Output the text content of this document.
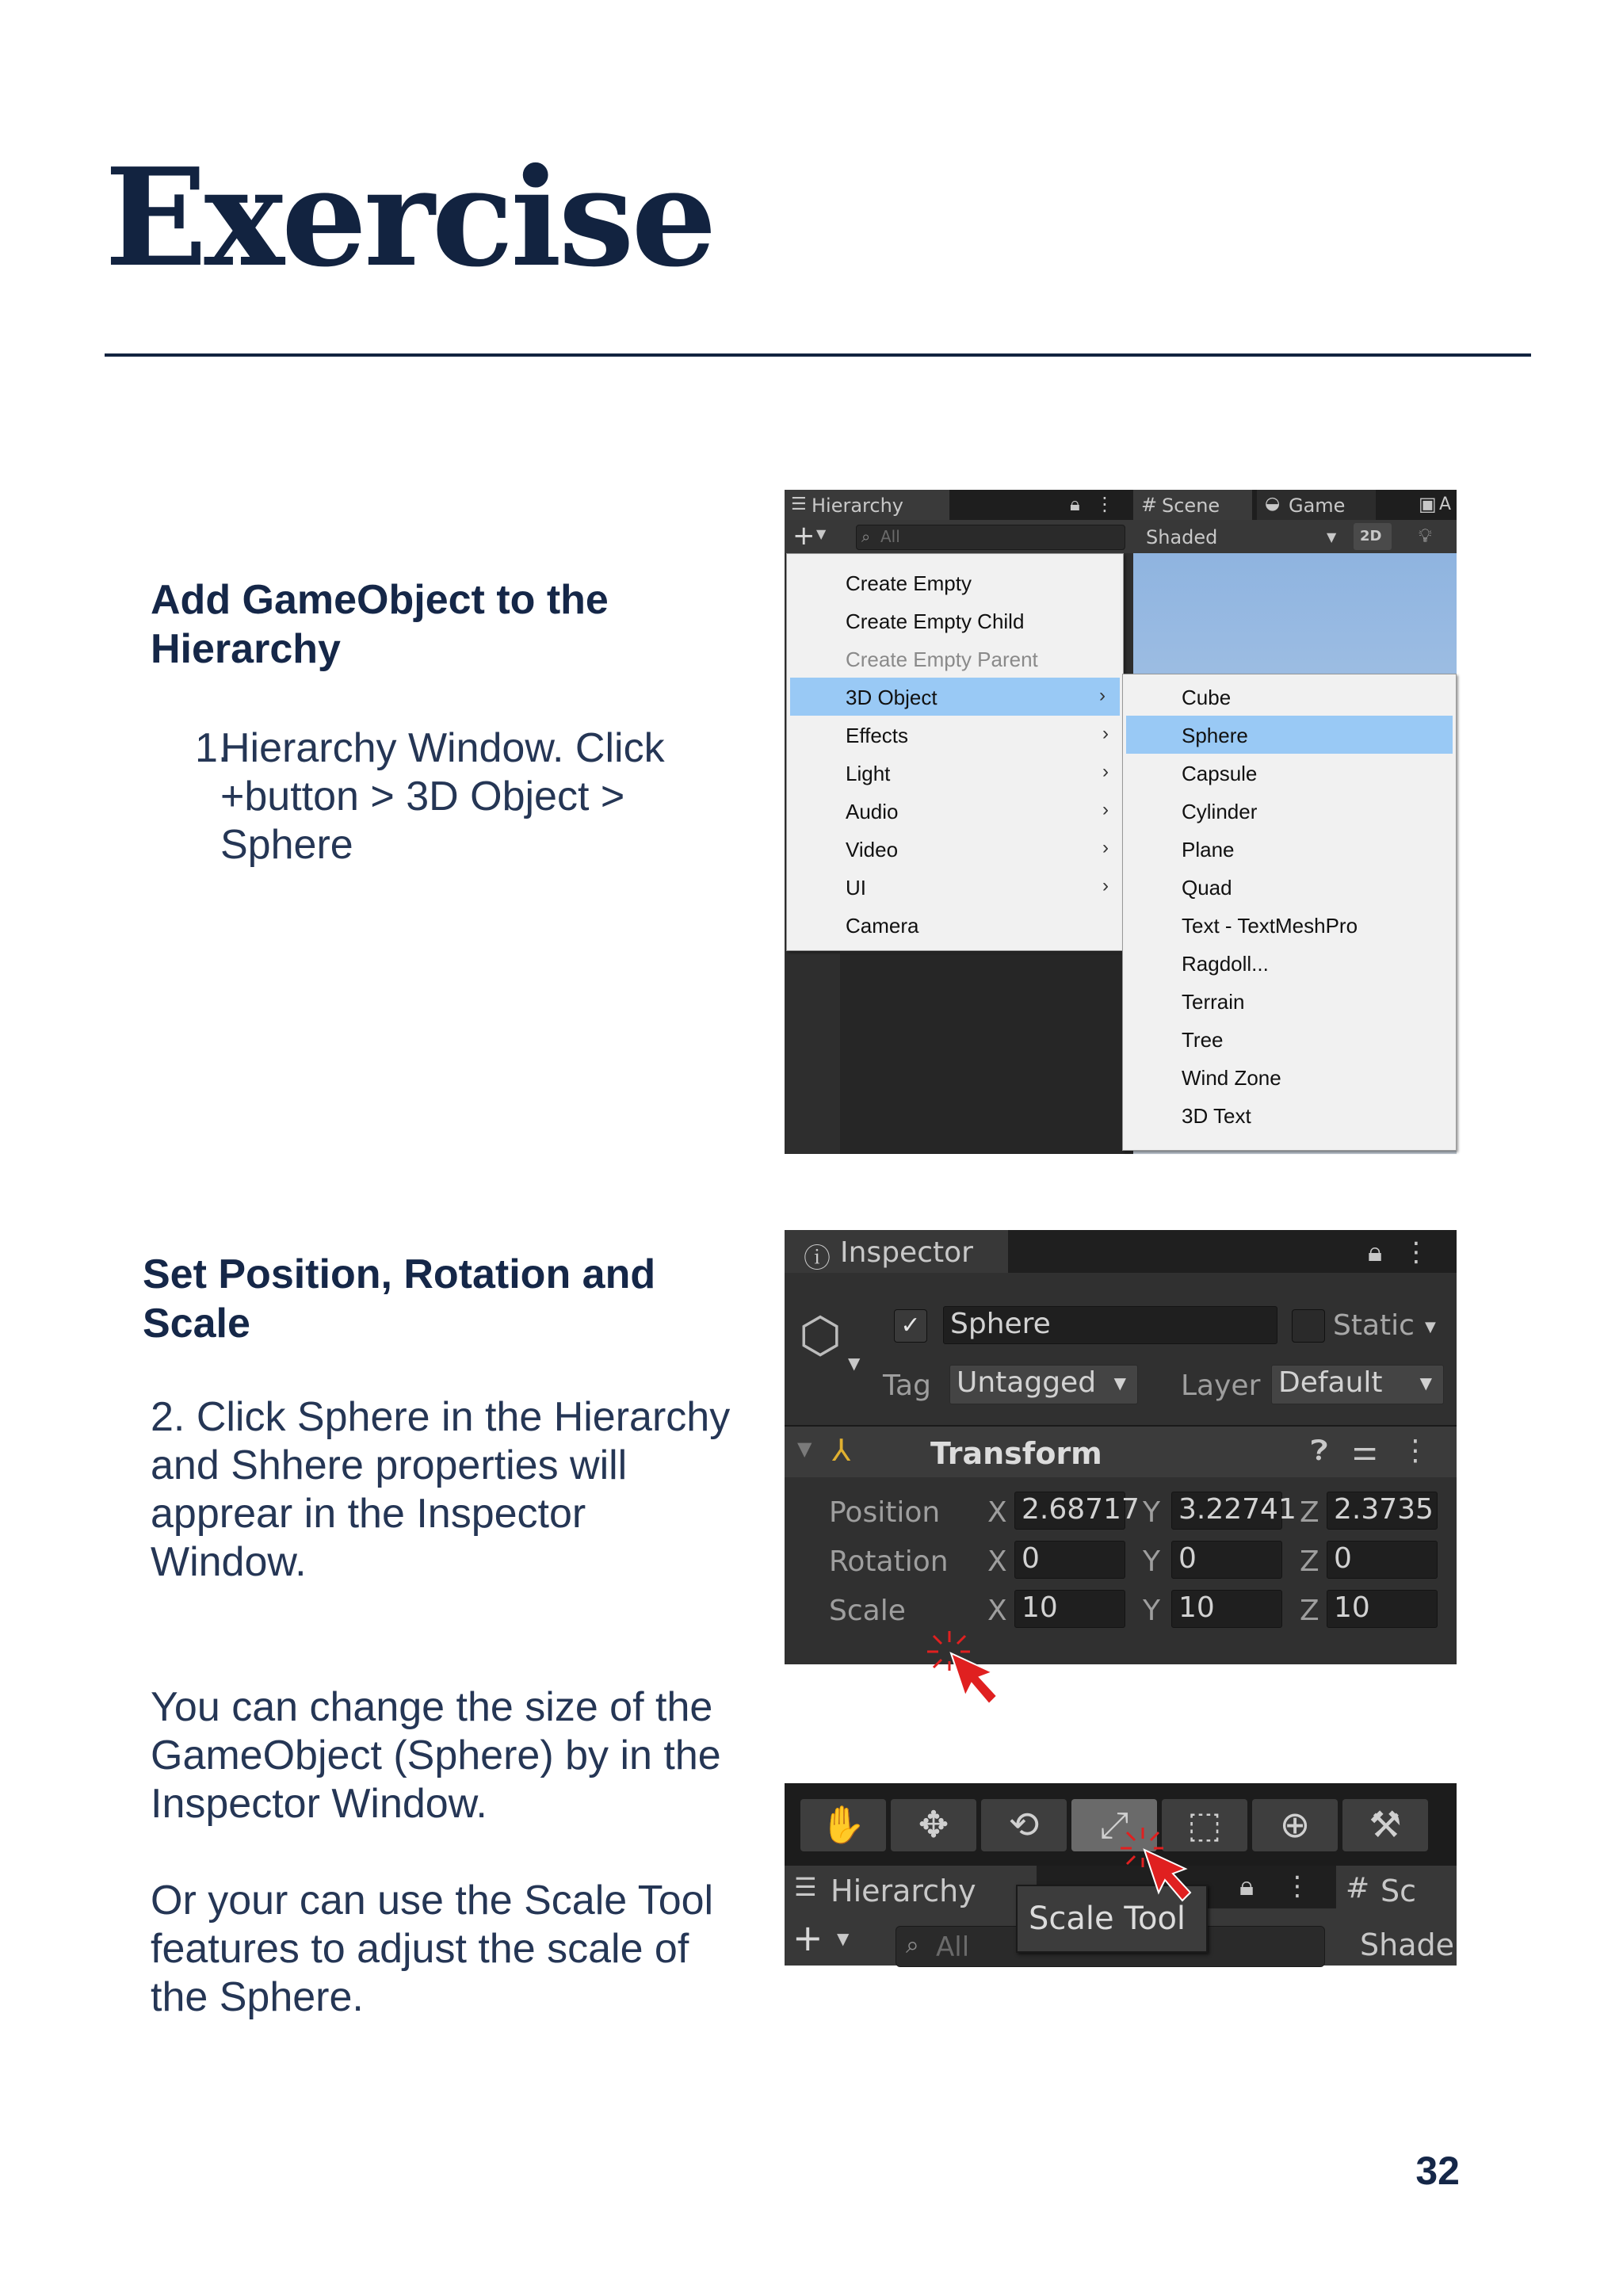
Exercise
Add GameObject to the Hierarchy
1.
Hierarchy Window. Click
+button > 3D Object >
Sphere
Set Position, Rotation and Scale
2. Click Sphere in the Hierarchy and Shhere properties will apprear in the Inspector Window.
You can change the size of the GameObject (Sphere) by in the Inspector Window.
Or your can use the Scale Tool features to adjust the scale of the Sphere.
32
☰ Hierarchy	🔒︎ ⋮ # Scene	◒ Game	▣ A
+ ▼ ⌕ All	Shaded	▼ 2D 💡︎
Create Empty
Create Empty Child
Create Empty Parent
3D Object	›
Effects	›
Light	›
Audio	›
Video	›
UI	›
Camera
Cube
Sphere
Capsule
Cylinder
Plane
Quad
Text - TextMeshPro
Ragdoll...
Terrain
Tree
Wind Zone
3D Text
ⓘ Inspector	🔒︎ ⋮
⬡ ▼
✓ Sphere	Static ▼
Tag Untagged ▼ Layer Default ▼
▼ ⅄	Transform	❓︎ ⚌ ⋮
Position X 2.68717 Y 3.22741 Z 2.3735
Rotation X 0	Y 0	Z 0
Scale	X 10	Y 10	Z 10
✋	✥	⟲	⤢	⬚	⊕	⚒
☰ Hierarchy	🔒︎ ⋮ # Sc
+ ▼ ⌕ All	Shade
Scale Tool
